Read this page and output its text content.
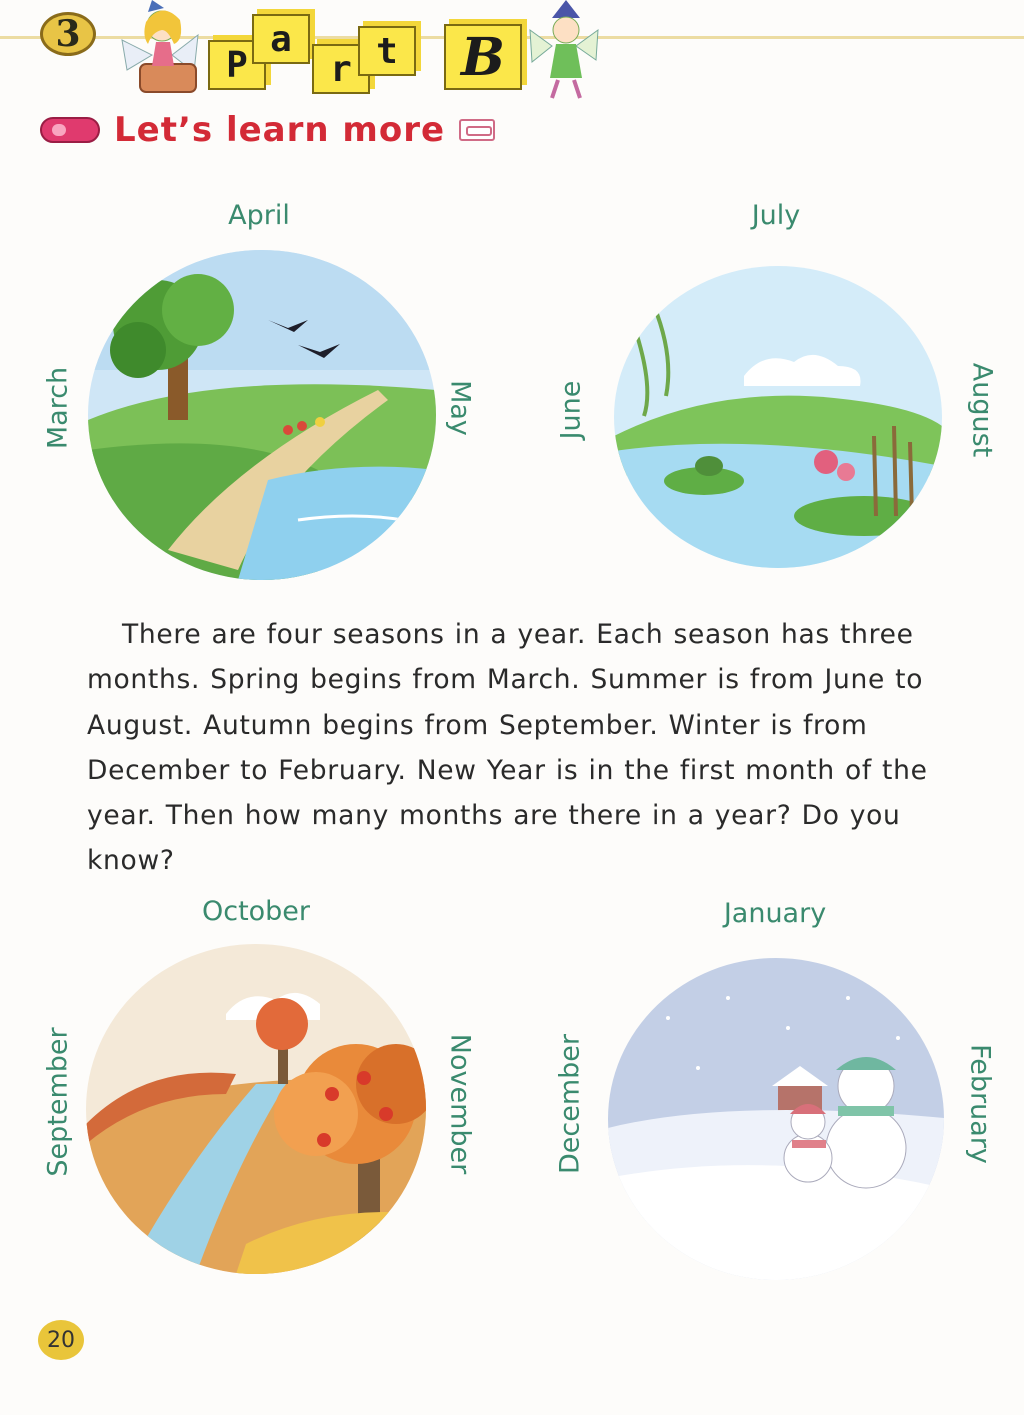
3
P
a
r t	B
Let’s learn more
April
March	May
July
June	August

There are four seasons in a year. Each season has three months. Spring begins from March. Summer is from June to August. Autumn begins from September. Winter is from December to February. New Year is in the first month of the year. Then how many months are there in a year? Do you know?

October
September	November
January
December	February
20
